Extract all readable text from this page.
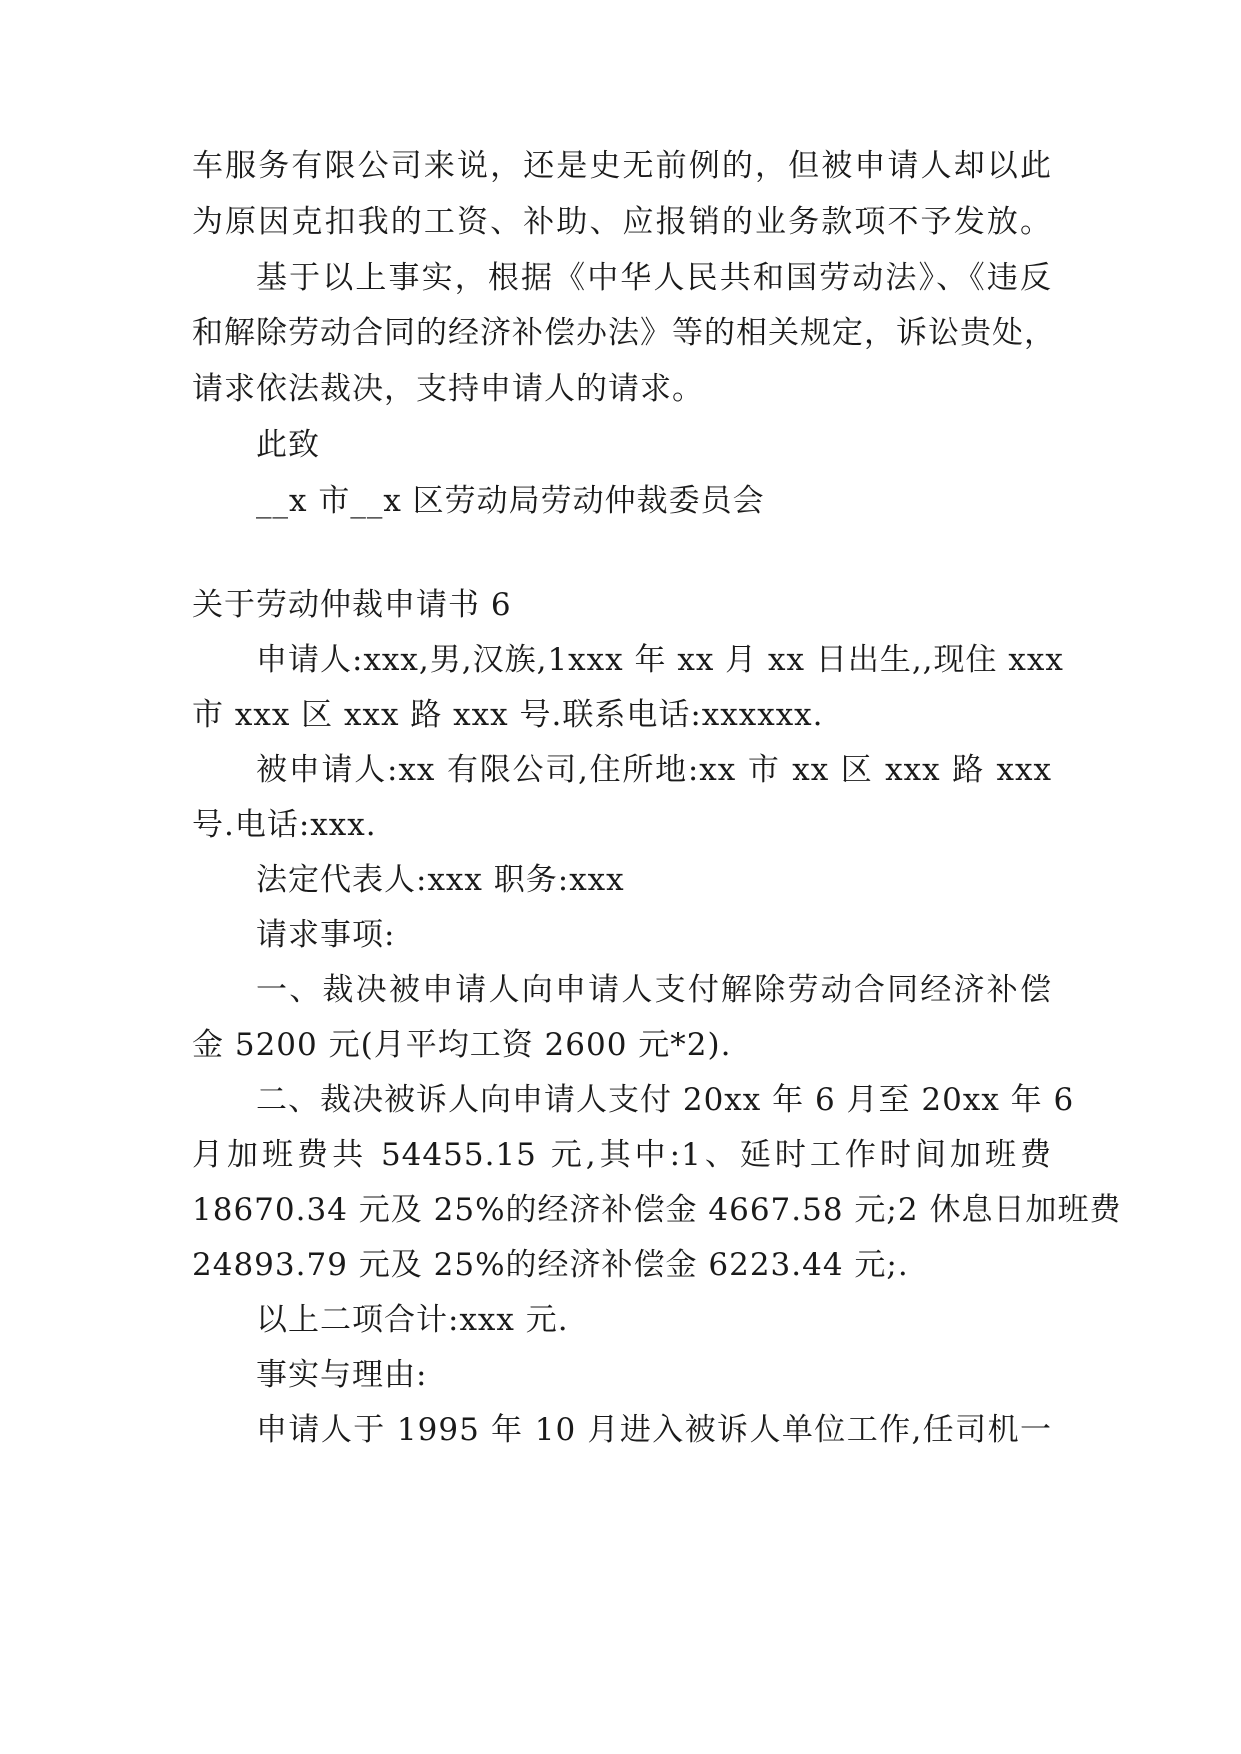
车服务有限公司来说，还是史无前例的，但被申请人却以此
为原因克扣我的工资、补助、应报销的业务款项不予发放。
基于以上事实，根据《中华人民共和国劳动法》、《违反
和解除劳动合同的经济补偿办法》等的相关规定，诉讼贵处，
请求依法裁决，支持申请人的请求。
此致
__x 市__x 区劳动局劳动仲裁委员会
关于劳动仲裁申请书 6
申请人:xxx,男,汉族,1xxx 年 xx 月 xx 日出生,,现住 xxx
市 xxx 区 xxx 路 xxx 号.联系电话:xxxxxx.
被申请人:xx 有限公司,住所地:xx 市 xx 区 xxx 路 xxx
号.电话:xxx.
法定代表人:xxx 职务:xxx
请求事项:
一、裁决被申请人向申请人支付解除劳动合同经济补偿
金 5200 元(月平均工资 2600 元*2).
二、裁决被诉人向申请人支付 20xx 年 6 月至 20xx 年 6
月加班费共 54455.15 元,其中:1、延时工作时间加班费
18670.34 元及 25%的经济补偿金 4667.58 元;2 休息日加班费
24893.79 元及 25%的经济补偿金 6223.44 元;.
以上二项合计:xxx 元.
事实与理由:
申请人于 1995 年 10 月进入被诉人单位工作,任司机一
